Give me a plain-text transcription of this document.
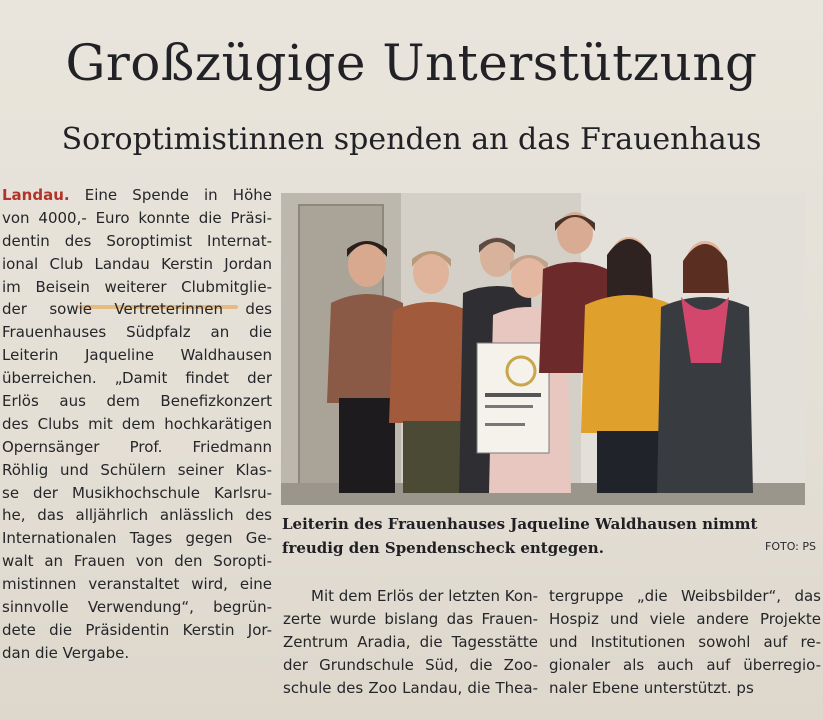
Großzügige Unterstützung
Soroptimistinnen spenden an das Frauenhaus
Landau. Eine Spende in Höhe
von 4000,- Euro konnte die Präsi-
dentin des Soroptimist Internat-
ional Club Landau Kerstin Jordan
im Beisein weiterer Clubmitglie-
der sowie Vertreterinnen des
Frauenhauses Südpfalz an die
Leiterin Jaqueline Waldhausen
überreichen. „Damit findet der
Erlös aus dem Benefizkonzert
des Clubs mit dem hochkarätigen
Opernsänger Prof. Friedmann
Röhlig und Schülern seiner Klas-
se der Musikhochschule Karlsru-
he, das alljährlich anlässlich des
Internationalen Tages gegen Ge-
walt an Frauen von den Soropti-
mistinnen veranstaltet wird, eine
sinnvolle Verwendung“, begrün-
dete die Präsidentin Kerstin Jor-
dan die Vergabe.

Leiterin des Frauenhauses Jaqueline Waldhausen nimmt freudig den Spendenscheck entgegen.	FOTO: PS
Mit dem Erlös der letzten Kon-
zerte wurde bislang das Frauen-
Zentrum Aradia, die Tagesstätte
der Grundschule Süd, die Zoo-
schule des Zoo Landau, die Thea-
tergruppe „die Weibsbilder“, das
Hospiz und viele andere Projekte
und Institutionen sowohl auf re-
gionaler als auch auf überregio-
naler Ebene unterstützt. ps
